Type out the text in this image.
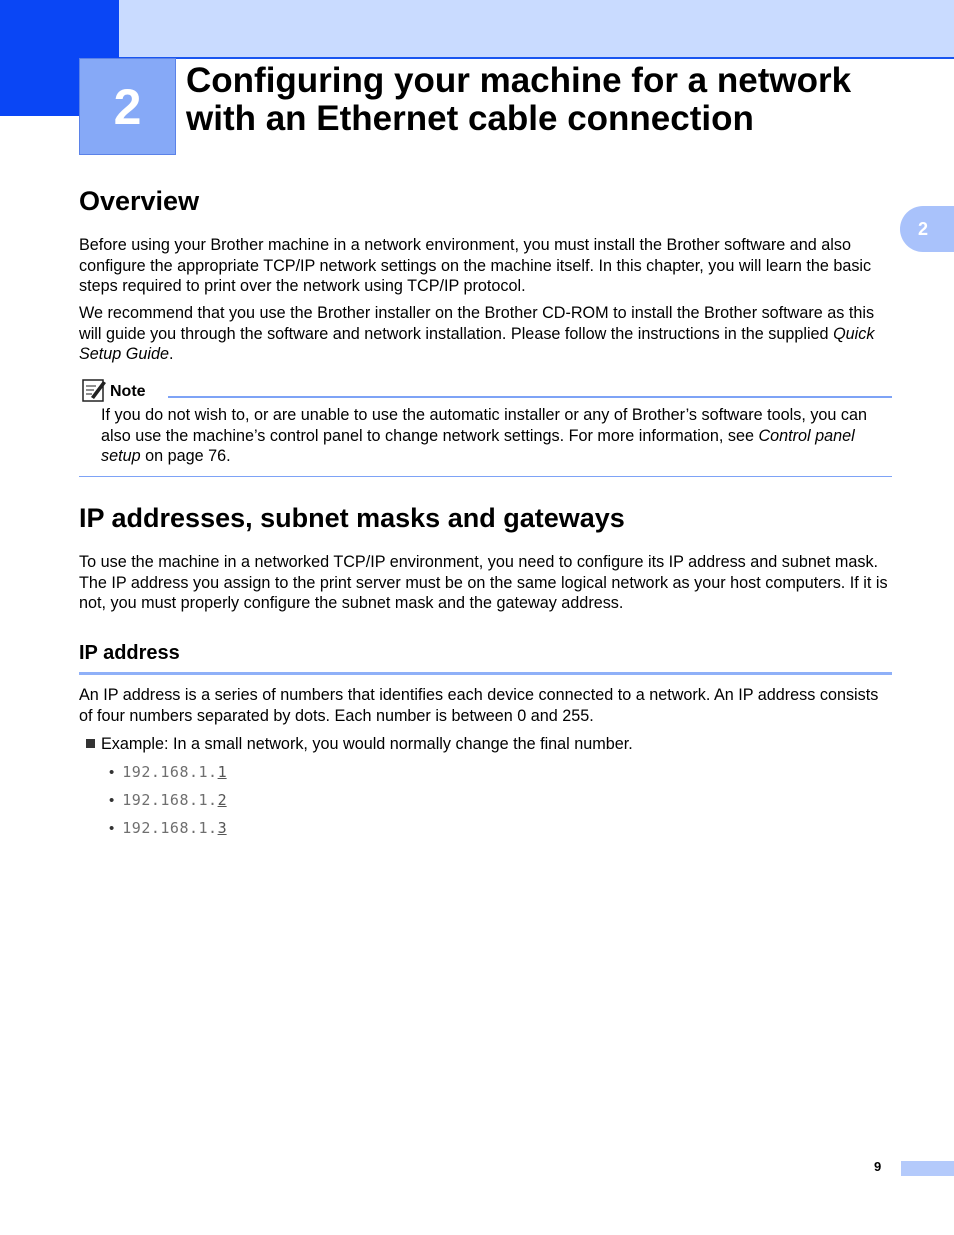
2 Configuring your machine for a network with an Ethernet cable connection
2
Overview

Before using your Brother machine in a network environment, you must install the Brother software and also configure the appropriate TCP/IP network settings on the machine itself. In this chapter, you will learn the basic steps required to print over the network using TCP/IP protocol.

We recommend that you use the Brother installer on the Brother CD-ROM to install the Brother software as this will guide you through the software and network installation. Please follow the instructions in the supplied Quick Setup Guide.

Note

If you do not wish to, or are unable to use the automatic installer or any of Brother’s software tools, you can also use the machine’s control panel to change network settings. For more information, see Control panel setup on page 76.

IP addresses, subnet masks and gateways

To use the machine in a networked TCP/IP environment, you need to configure its IP address and subnet mask. The IP address you assign to the print server must be on the same logical network as your host computers. If it is not, you must properly configure the subnet mask and the gateway address.

IP address

An IP address is a series of numbers that identifies each device connected to a network. An IP address consists of four numbers separated by dots. Each number is between 0 and 255.

Example: In a small network, you would normally change the final number.
• 192.168.1.1
• 192.168.1.2
• 192.168.1.3
9
